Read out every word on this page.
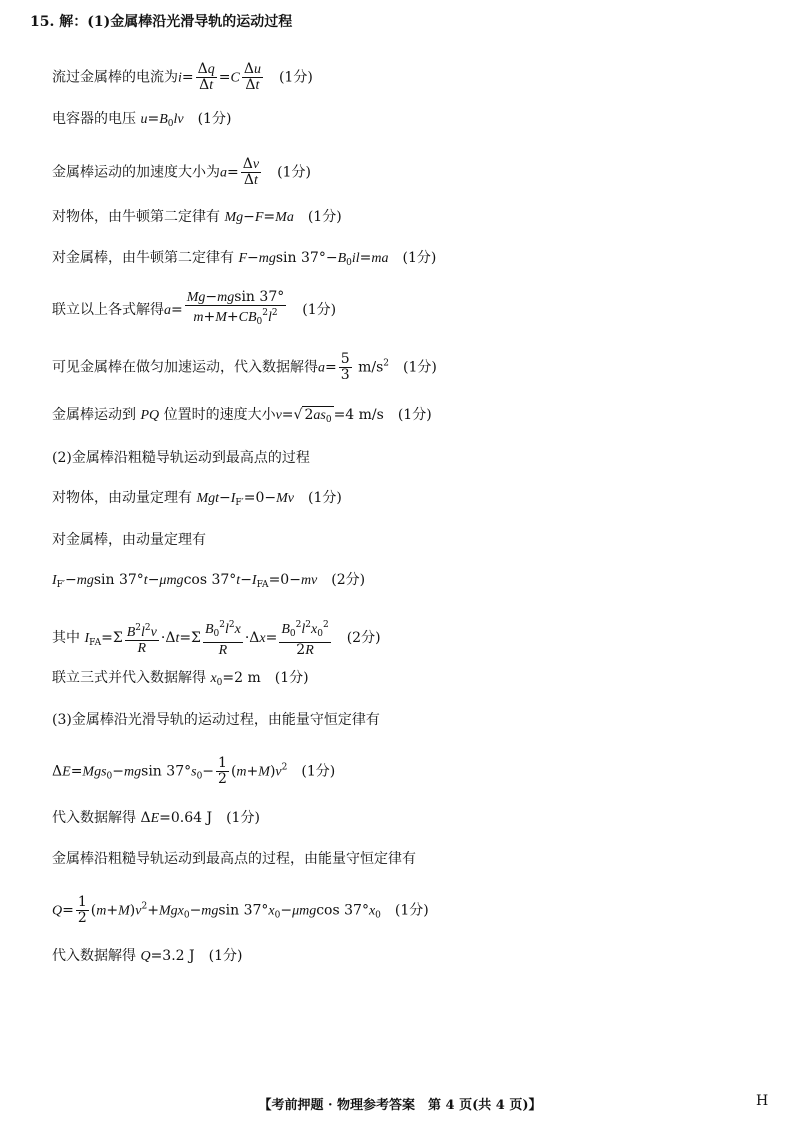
15. 解：(1)金属棒沿光滑导轨的运动过程
流过金属棒的电流为$i= \frac{\Delta q}{\Delta t} =C \frac{\Delta u}{\Delta t} (1$分)
电容器的电压 $u=B_0lv$ (1分)
金属棒运动的加速度大小为$a= \frac{\Delta v}{\Delta t} (1$分)
对物体，由牛顿第二定律有 Mg−F=Ma (1分)
对金属棒，由牛顿第二定律有 F−mgsin $37^\circ-B_0il=ma$ (1分)
联立以上各式解得$a= \frac{Mg-mgsin 37^\circ}{m+M+CB_0^2l^2} (1$分)
可见金属棒在做匀加速运动，代入数据解得$a= \frac{5}{3} m/s^2$ (1分)
金属棒运动到 PQ 位置时的速度大小v=√ $2as_0 =4$ m/s (1分)
(2)金属棒沿粗糙导轨运动到最高点的过程
对物体，由动量定理有 $Mgt-I_{F'}=0-Mv$ (1分)
对金属棒，由动量定理有
$I_{F'}-mgsin$ 37°t−μmgcos $37^\circ t-I_{FA}=0-mv$ (2分)
其中 $I_{FA}=\Sigma \frac{B^2l^2v}{R} \cdot\Delta t=\Sigma \frac{B_0^2l^2x}{R} \cdot\Delta x= \frac{B_0^2l^2x_0^2}{2R} (2$分)
联立三式并代入数据解得 $x_0=2$ m (1分)
(3)金属棒沿光滑导轨的运动过程，由能量守恒定律有
ΔE=Mgs$_0$−mgsin $37^\circ s_0- \frac{1}{2} (m+M)v^2$ (1分)
代入数据解得 ΔE=0.64 J (1分)
金属棒沿粗糙导轨运动到最高点的过程，由能量守恒定律有
$Q= \frac{1}{2} (m+M)v^2+Mgx_0-mgsin$ $37^\circ x_0-\mu mgcos$ $37^\circ x_0$ (1分)
代入数据解得 Q=3.2 J (1分)
【考前押题 · 物理参考答案　第 4 页(共 4 页)】	H
